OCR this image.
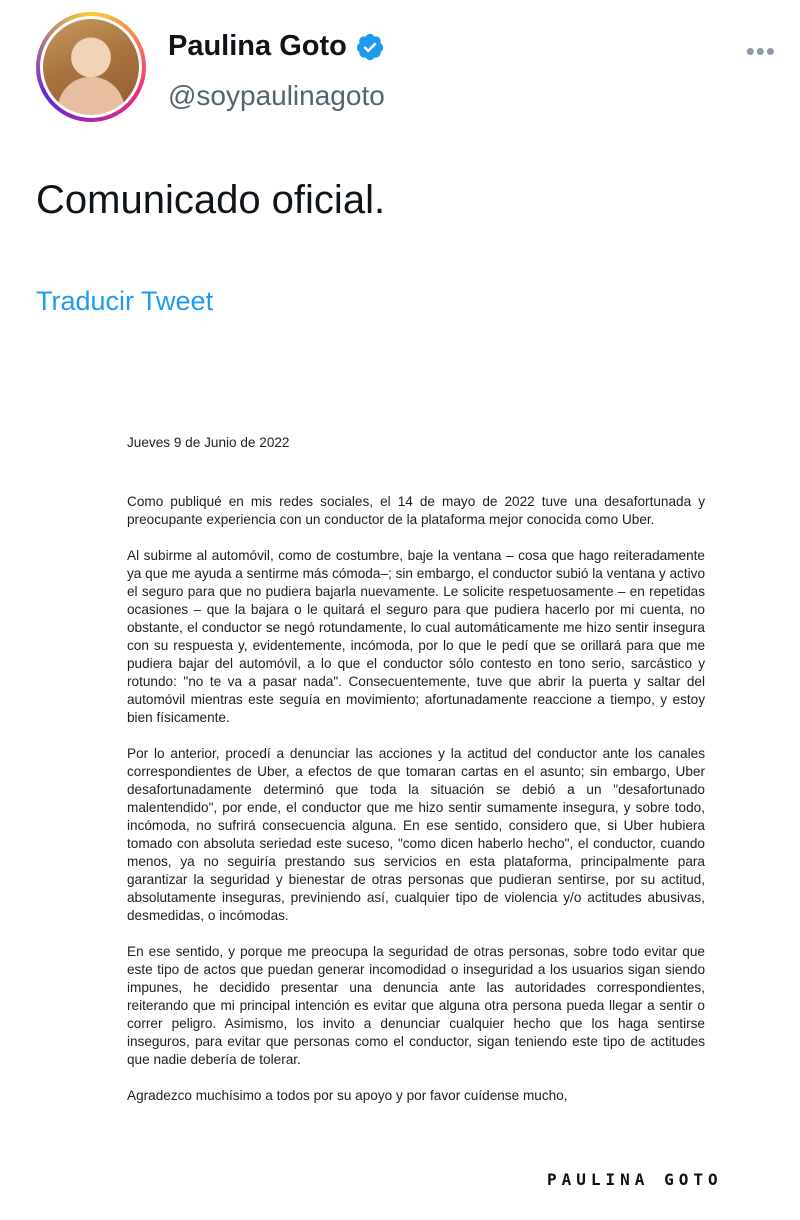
Paulina Goto
@soypaulinagoto
•••
Comunicado oficial.
Traducir Tweet
Jueves 9 de Junio de 2022

Como publiqué en mis redes sociales, el 14 de mayo de 2022 tuve una desafortunada y preocupante experiencia con un conductor de la plataforma mejor conocida como Uber.

Al subirme al automóvil, como de costumbre, baje la ventana – cosa que hago reiteradamente ya que me ayuda a sentirme más cómoda–; sin embargo, el conductor subió la ventana y activo el seguro para que no pudiera bajarla nuevamente. Le solicite respetuosamente – en repetidas ocasiones – que la bajara o le quitará el seguro para que pudiera hacerlo por mi cuenta, no obstante, el conductor se negó rotundamente, lo cual automáticamente me hizo sentir insegura con su respuesta y, evidentemente, incómoda, por lo que le pedí que se orillará para que me pudiera bajar del automóvil, a lo que el conductor sólo contesto en tono serio, sarcástico y rotundo: "no te va a pasar nada". Consecuentemente, tuve que abrir la puerta y saltar del automóvil mientras este seguía en movimiento; afortunadamente reaccione a tiempo, y estoy bien físicamente.

Por lo anterior, procedí a denunciar las acciones y la actitud del conductor ante los canales correspondientes de Uber, a efectos de que tomaran cartas en el asunto; sin embargo, Uber desafortunadamente determinó que toda la situación se debió a un "desafortunado malentendido", por ende, el conductor que me hizo sentir sumamente insegura, y sobre todo, incómoda, no sufrirá consecuencia alguna. En ese sentido, considero que, si Uber hubiera tomado con absoluta seriedad este suceso, "como dicen haberlo hecho", el conductor, cuando menos, ya no seguiría prestando sus servicios en esta plataforma, principalmente para garantizar la seguridad y bienestar de otras personas que pudieran sentirse, por su actitud, absolutamente inseguras, previniendo así, cualquier tipo de violencia y/o actitudes abusivas, desmedidas, o incómodas.

En ese sentido, y porque me preocupa la seguridad de otras personas, sobre todo evitar que este tipo de actos que puedan generar incomodidad o inseguridad a los usuarios sigan siendo impunes, he decidido presentar una denuncia ante las autoridades correspondientes, reiterando que mi principal intención es evitar que alguna otra persona pueda llegar a sentir o correr peligro. Asimismo, los invito a denunciar cualquier hecho que los haga sentirse inseguros, para evitar que personas como el conductor, sigan teniendo este tipo de actitudes que nadie debería de tolerar.

Agradezco muchísimo a todos por su apoyo y por favor cuídense mucho,

PAULINA GOTO
